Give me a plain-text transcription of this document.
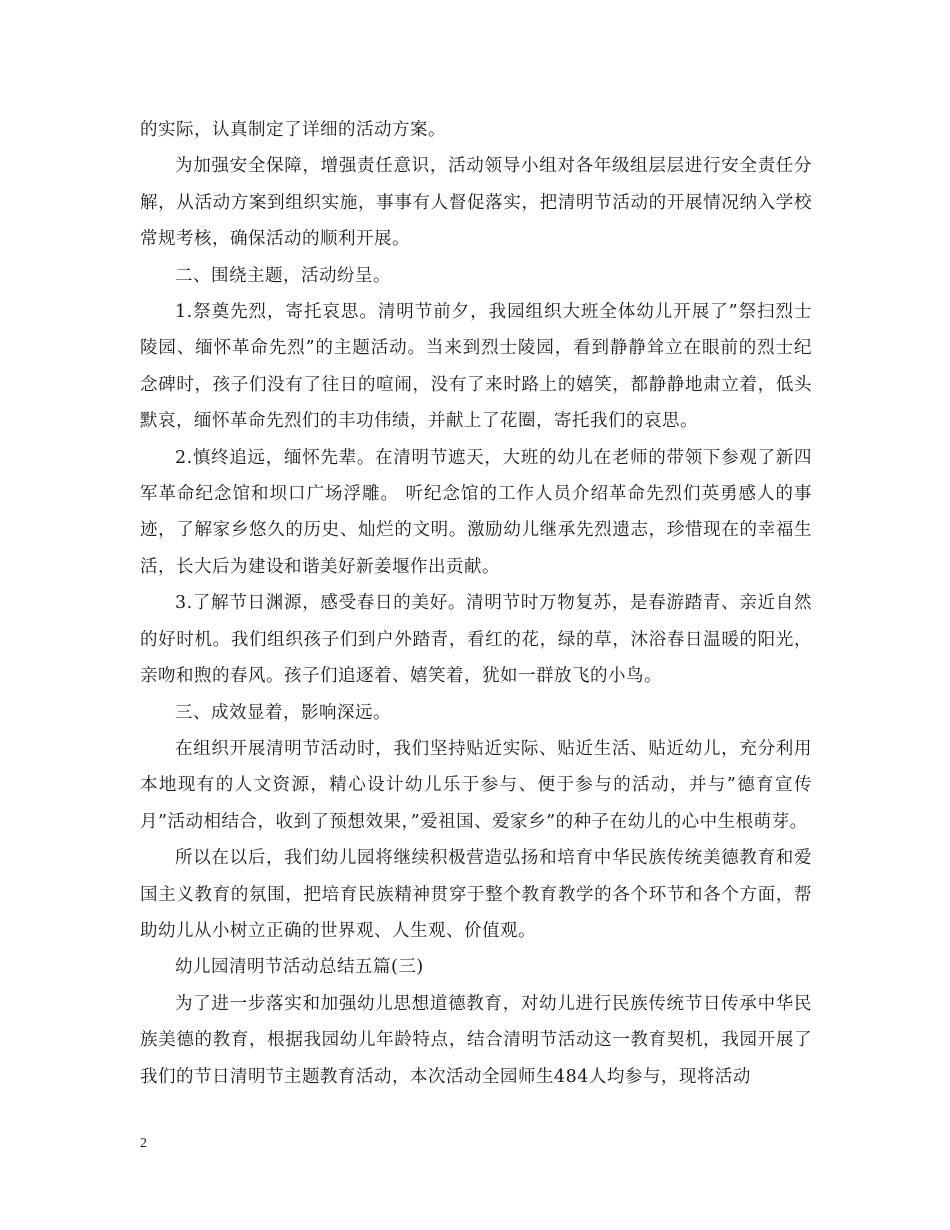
的实际，认真制定了详细的活动方案。

为加强安全保障，增强责任意识，活动领导小组对各年级组层层进行安全责任分解，从活动方案到组织实施，事事有人督促落实，把清明节活动的开展情况纳入学校常规考核，确保活动的顺利开展。

二、围绕主题，活动纷呈。

1.祭奠先烈，寄托哀思。清明节前夕，我园组织大班全体幼儿开展了”祭扫烈士陵园、缅怀革命先烈”的主题活动。当来到烈士陵园，看到静静耸立在眼前的烈士纪念碑时，孩子们没有了往日的喧闹，没有了来时路上的嬉笑，都静静地肃立着，低头默哀，缅怀革命先烈们的丰功伟绩，并献上了花圈，寄托我们的哀思。

2.慎终追远，缅怀先辈。在清明节遮天，大班的幼儿在老师的带领下参观了新四军革命纪念馆和坝口广场浮雕。 听纪念馆的工作人员介绍革命先烈们英勇感人的事迹，了解家乡悠久的历史、灿烂的文明。激励幼儿继承先烈遗志，珍惜现在的幸福生活，长大后为建设和谐美好新姜堰作出贡献。

3.了解节日渊源，感受春日的美好。清明节时万物复苏，是春游踏青、亲近自然的好时机。我们组织孩子们到户外踏青，看红的花，绿的草，沐浴春日温暖的阳光，亲吻和煦的春风。孩子们追逐着、嬉笑着，犹如一群放飞的小鸟。

三、成效显着，影响深远。

在组织开展清明节活动时，我们坚持贴近实际、贴近生活、贴近幼儿，充分利用本地现有的人文资源，精心设计幼儿乐于参与、便于参与的活动，并与”德育宣传月”活动相结合，收到了预想效果，”爱祖国、爱家乡”的种子在幼儿的心中生根萌芽。

所以在以后，我们幼儿园将继续积极营造弘扬和培育中华民族传统美德教育和爱国主义教育的氛围，把培育民族精神贯穿于整个教育教学的各个环节和各个方面，帮助幼儿从小树立正确的世界观、人生观、价值观。

幼儿园清明节活动总结五篇(三)

为了进一步落实和加强幼儿思想道德教育，对幼儿进行民族传统节日传承中华民族美德的教育，根据我园幼儿年龄特点，结合清明节活动这一教育契机，我园开展了我们的节日清明节主题教育活动，本次活动全园师生484人均参与，现将活动

2
